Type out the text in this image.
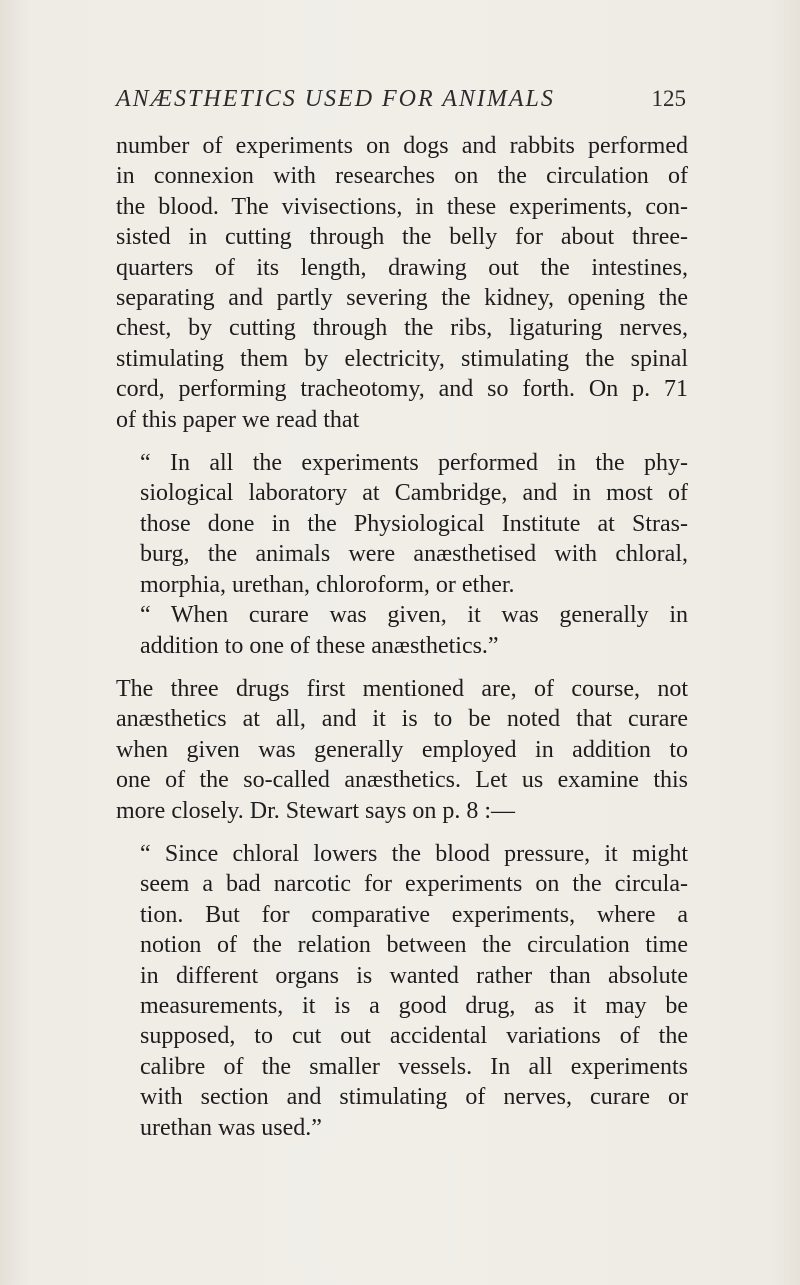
ANÆSTHETICS USED FOR ANIMALS	125
number of experiments on dogs and rabbits performed
in connexion with researches on the circulation of
the blood. The vivisections, in these experiments, con-
sisted in cutting through the belly for about three-
quarters of its length, drawing out the intestines,
separating and partly severing the kidney, opening the
chest, by cutting through the ribs, ligaturing nerves,
stimulating them by electricity, stimulating the spinal
cord, performing tracheotomy, and so forth. On p. 71
of this paper we read that
“ In all the experiments performed in the phy-
siological laboratory at Cambridge, and in most of
those done in the Physiological Institute at Stras-
burg, the animals were anæsthetised with chloral,
morphia, urethan, chloroform, or ether.
“ When curare was given, it was generally in
addition to one of these anæsthetics.”
The three drugs first mentioned are, of course, not
anæsthetics at all, and it is to be noted that curare
when given was generally employed in addition to
one of the so-called anæsthetics. Let us examine this
more closely. Dr. Stewart says on p. 8 :—
“ Since chloral lowers the blood pressure, it might
seem a bad narcotic for experiments on the circula-
tion. But for comparative experiments, where a
notion of the relation between the circulation time
in different organs is wanted rather than absolute
measurements, it is a good drug, as it may be
supposed, to cut out accidental variations of the
calibre of the smaller vessels. In all experiments
with section and stimulating of nerves, curare or
urethan was used.”
